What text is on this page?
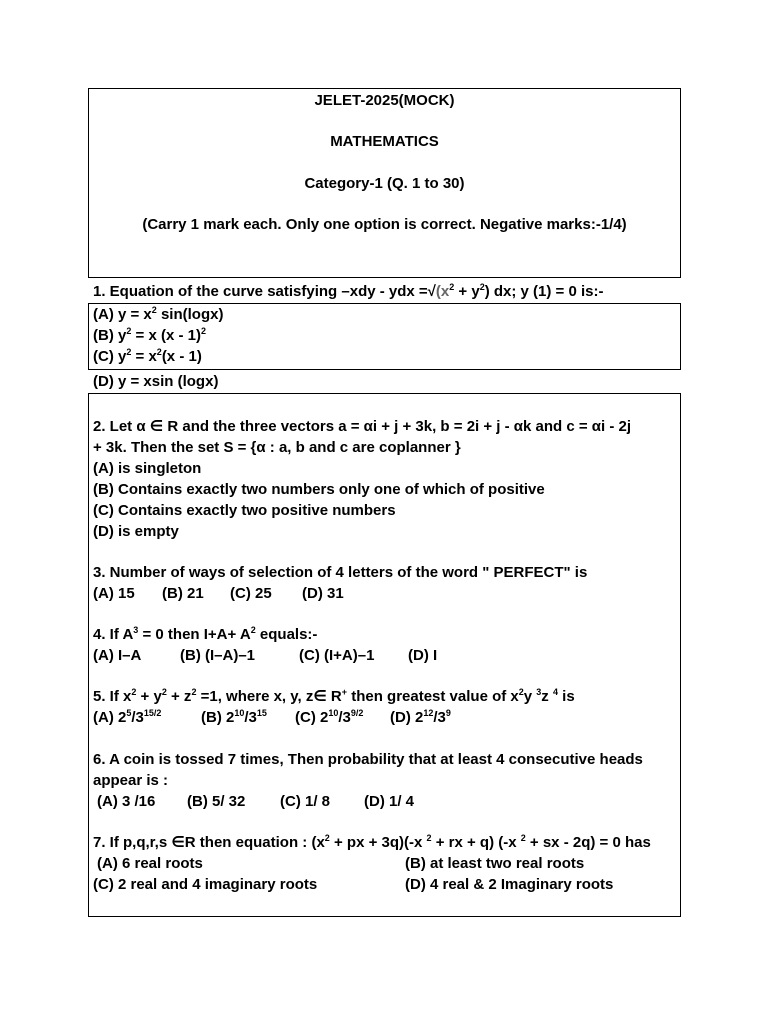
JELET-2025(MOCK)
MATHEMATICS
Category-1 (Q. 1 to 30)
(Carry 1 mark each. Only one option is correct. Negative marks:-1/4)
1. Equation of the curve satisfying –xdy - ydx $=√(x^2 + y^2)$ dx; y (1) = 0 is:-
(A) $y = x^2$ sin(logx)
(B) $y^2 = x$ (x - 1)$^2$
(C) $y^2 = x^2(x - 1)$
(D) y = xsin (logx)
2. Let α ∈ R and the three vectors a = αi + j + 3k, b = 2i + j - αk and c = αi - 2j
+ 3k. Then the set S = {α : a, b and c are coplanner }
(A) is singleton
(B) Contains exactly two numbers only one of which of positive
(C) Contains exactly two positive numbers
(D) is empty
3. Number of ways of selection of 4 letters of the word " PERFECT" is
(A) 15 (B) 21 (C) 25 (D) 31
4. If $A^3 = 0$ then $I+A+ A^2$ equals:-
(A) I–A	(B) (I–A)–1	(C) (I+A)–1 (D) I
5. If $x^2 + y^2 + z^2 =1$, where x, y, z∈ R+ then greatest value of $x^2y$ $^3$z $^4$ is
(A) $2^5/3^{15/2}$	(B) $2^{10}/3^{15}$ (C) $2^{10}/3^{9/2}$ (D) $2^{12}/3^9$
6. A coin is tossed 7 times, Then probability that at least 4 consecutive heads
appear is :
(A) 3 /16 (B) 5/ 32 (C) 1/ 8 (D) 1/ 4
7. If p,q,r,s ∈R then equation : ($x^2$ + px + 3q)(-x $^2$ + rx + q) (-x $^2$ + sx - 2q) = 0 has
(A) 6 real roots	(B) at least two real roots
(C) 2 real and 4 imaginary roots	(D) 4 real & 2 Imaginary roots
